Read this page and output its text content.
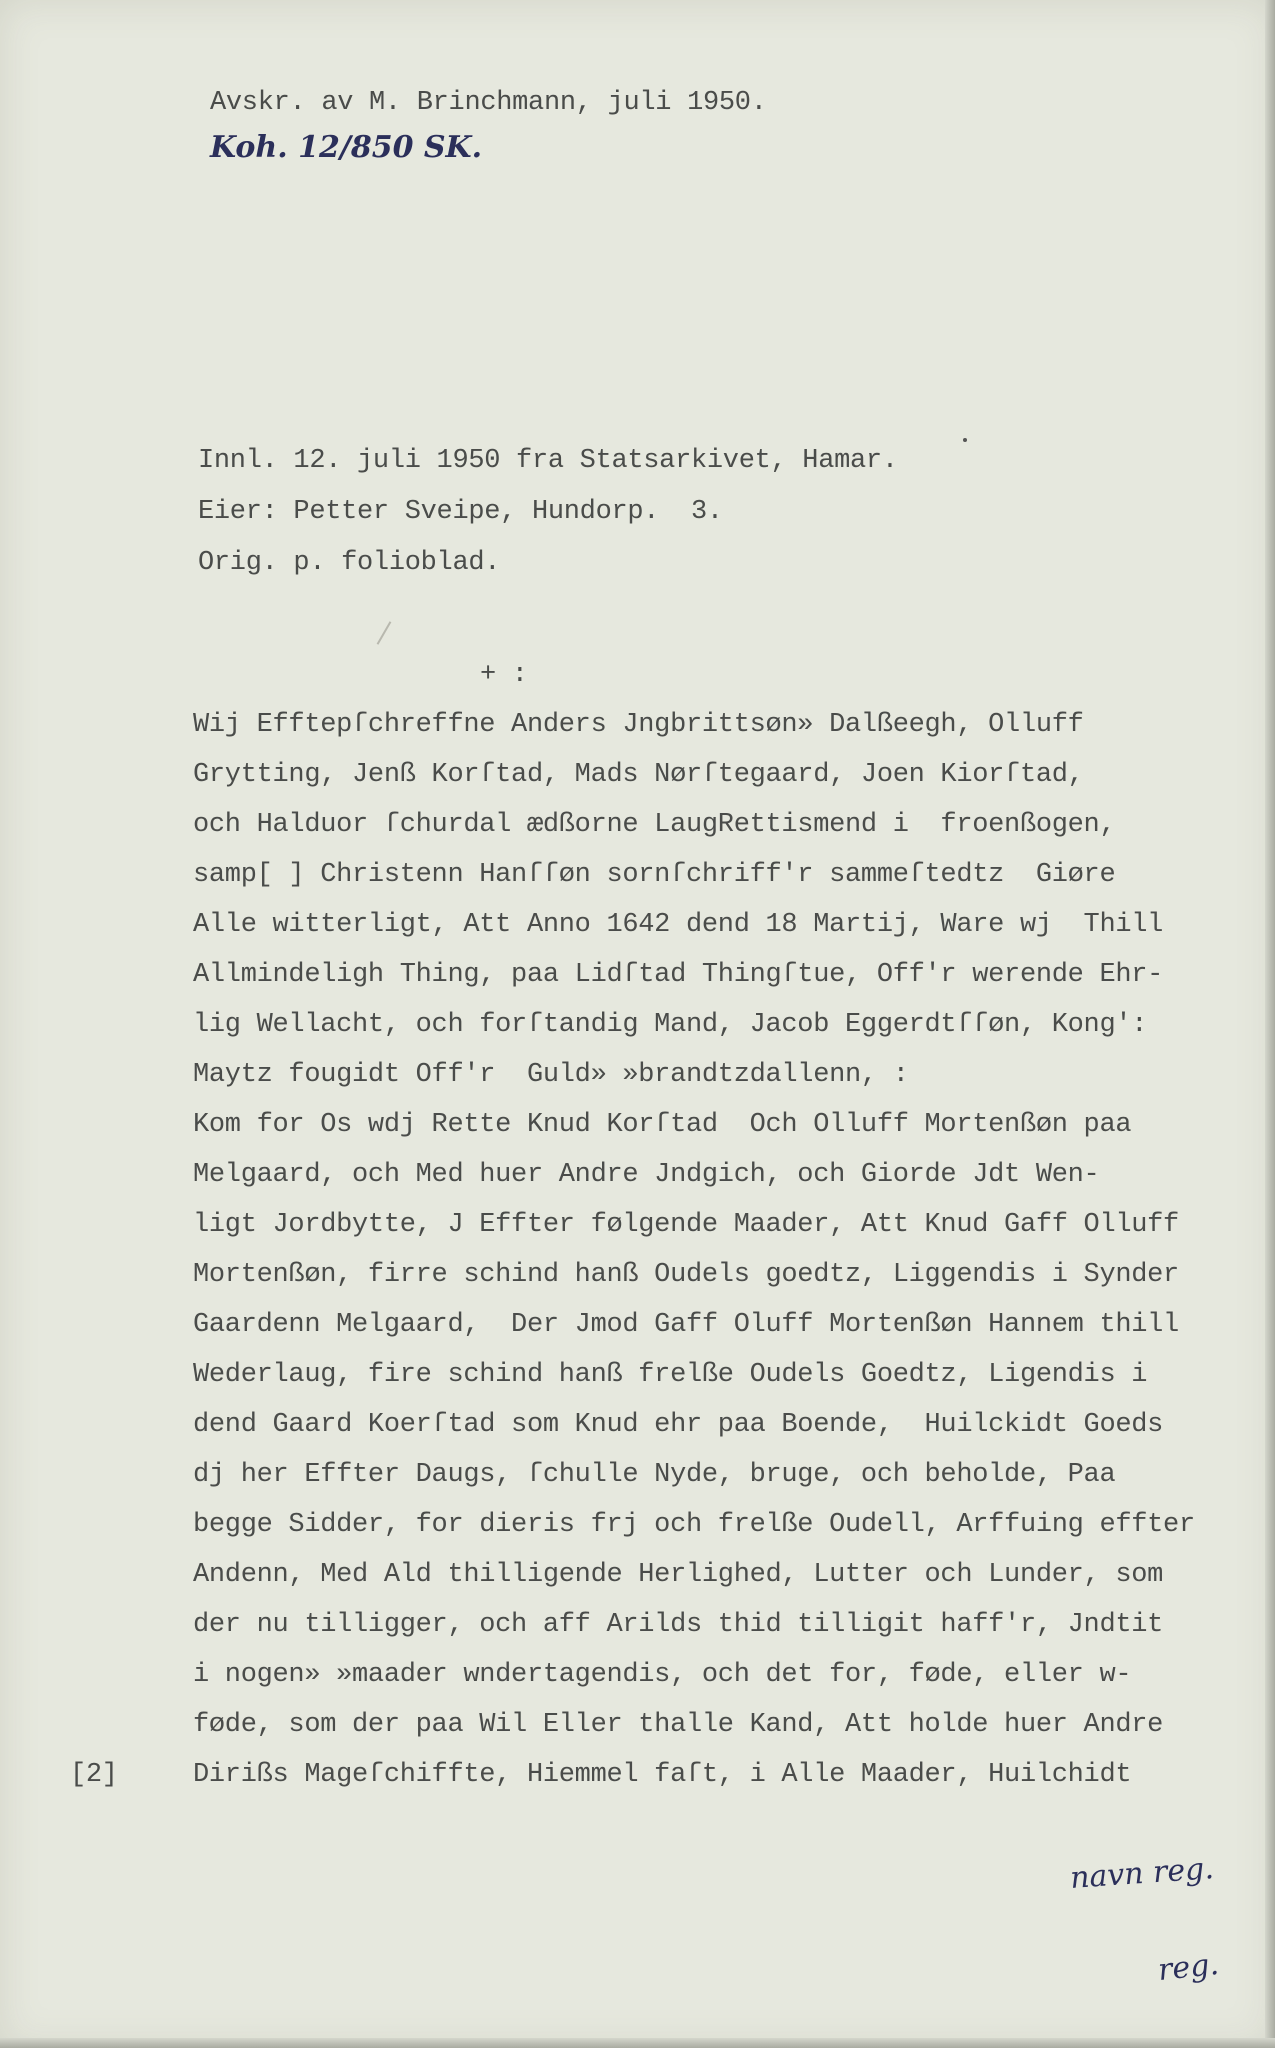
Avskr. av M. Brinchmann, juli 1950.
Koh. 12/850 SK.
Innl. 12. juli 1950 fra Statsarkivet, Hamar.
Eier: Petter Sveipe, Hundorp.  3.
Orig. p. folioblad.
+ :
Wij Efftерſchreffne Anders Jngbrittsøn» Dalßeegh, Olluff
Grytting, Jenß Korſtad, Mads Nørſtegaard, Joen Kiorſtad,
och Halduor ſchurdal ædßorne LaugRettismend i  froenßogen,
samp[ ] Christenn Hanſſøn sornſchriff'r sammeſtedtz  Giøre
Alle witterligt, Att Anno 1642 dend 18 Martij, Ware wj  Thill
Allmindeligh Thing, paa Lidſtad Thingſtue, Off'r werende Ehr-
lig Wellacht, och forſtandig Mand, Jacob Eggerdtſſøn, Kong':
Maytz fougidt Off'r  Guld» »brandtzdallenn, :
Kom for Os wdj Rette Knud Korſtad  Och Olluff Mortenßøn paa
Melgaard, och Med huer Andre Jndgich, och Giorde Jdt Wen-
ligt Jordbytte, J Effter følgende Maader, Att Knud Gaff Olluff
Mortenßøn, firre schind hanß Oudels goedtz, Liggendis i Synder
Gaardenn Melgaard,  Der Jmod Gaff Oluff Mortenßøn Hannem thill
Wederlaug, fire schind hanß frelße Oudels Goedtz, Ligendis i
dend Gaard Koerſtad som Knud ehr paa Boende,  Huilckidt Goeds
dj her Effter Daugs, ſchulle Nyde, bruge, och beholde, Paa
begge Sidder, for dieris frj och frelße Oudell, Arffuing effter
Andenn, Med Ald thilligende Herlighed, Lutter och Lunder, som
der nu tilligger, och aff Arilds thid tilligit haff'r, Jndtit
i nogen» »maader wndertagendis, och det for, føde, eller w-
føde, som der paa Wil Eller thalle Kand, Att holde huer Andre
Dirißs Mageſchiffte, Hiemmel faſt, i Alle Maader, Huilchidt
[2]
navn reg.
reg.
